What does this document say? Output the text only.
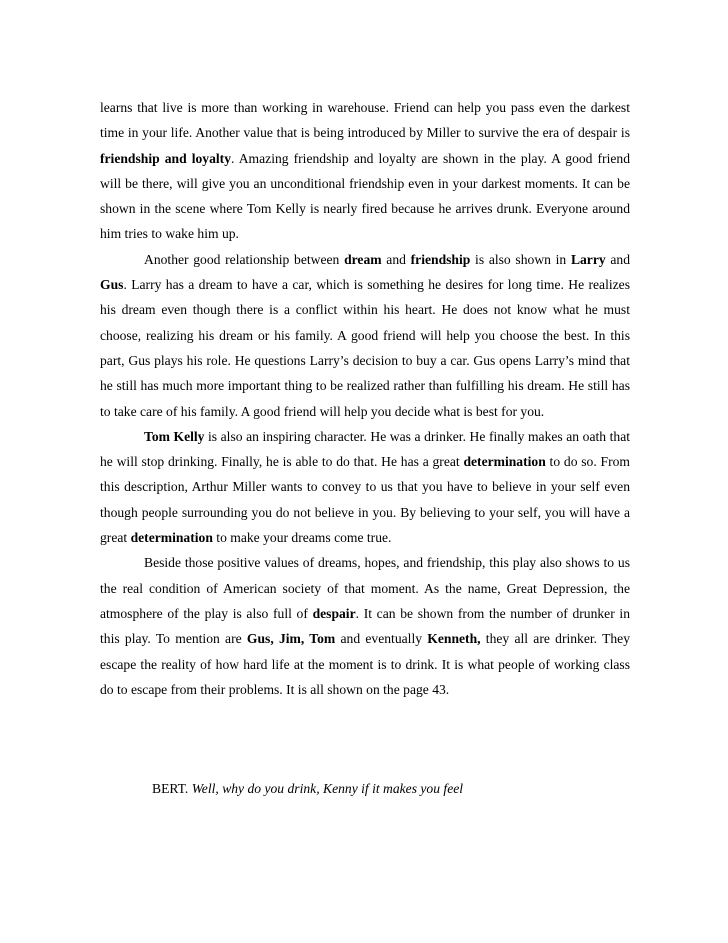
learns that live is more than working in warehouse. Friend can help you pass even the darkest time in your life. Another value that is being introduced by Miller to survive the era of despair is friendship and loyalty. Amazing friendship and loyalty are shown in the play. A good friend will be there, will give you an unconditional friendship even in your darkest moments. It can be shown in the scene where Tom Kelly is nearly fired because he arrives drunk. Everyone around him tries to wake him up.

Another good relationship between dream and friendship is also shown in Larry and Gus. Larry has a dream to have a car, which is something he desires for long time. He realizes his dream even though there is a conflict within his heart. He does not know what he must choose, realizing his dream or his family. A good friend will help you choose the best. In this part, Gus plays his role. He questions Larry’s decision to buy a car. Gus opens Larry’s mind that he still has much more important thing to be realized rather than fulfilling his dream. He still has to take care of his family. A good friend will help you decide what is best for you.

Tom Kelly is also an inspiring character. He was a drinker. He finally makes an oath that he will stop drinking. Finally, he is able to do that. He has a great determination to do so. From this description, Arthur Miller wants to convey to us that you have to believe in your self even though people surrounding you do not believe in you. By believing to your self, you will have a great determination to make your dreams come true.

Beside those positive values of dreams, hopes, and friendship, this play also shows to us the real condition of American society of that moment. As the name, Great Depression, the atmosphere of the play is also full of despair. It can be shown from the number of drunker in this play. To mention are Gus, Jim, Tom and eventually Kenneth, they all are drinker. They escape the reality of how hard life at the moment is to drink. It is what people of working class do to escape from their problems. It is all shown on the page 43.

BERT. Well, why do you drink, Kenny if it makes you feel
